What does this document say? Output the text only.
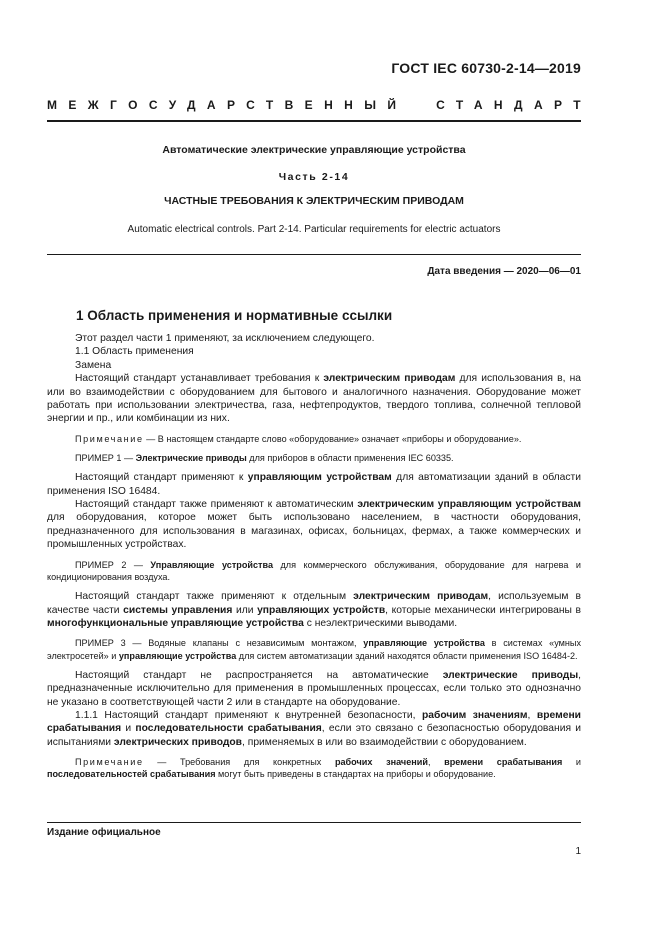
ГОСТ IEC 60730-2-14—2019
МЕЖГОСУДАРСТВЕННЫЙ СТАНДАРТ
Автоматические электрические управляющие устройства
Часть 2-14
ЧАСТНЫЕ ТРЕБОВАНИЯ К ЭЛЕКТРИЧЕСКИМ ПРИВОДАМ
Automatic electrical controls. Part 2-14. Particular requirements for electric actuators
Дата введения — 2020—06—01
1 Область применения и нормативные ссылки

Этот раздел части 1 применяют, за исключением следующего.

1.1 Область применения

Замена

Настоящий стандарт устанавливает требования к электрическим приводам для использования в, на или во взаимодействии с оборудованием для бытового и аналогичного назначения. Оборудование может работать при использовании электричества, газа, нефтепродуктов, твердого топлива, солнечной тепловой энергии и пр., или комбинации из них.

Примечание — В настоящем стандарте слово «оборудование» означает «приборы и оборудование».

ПРИМЕР 1 — Электрические приводы для приборов в области применения IEC 60335.

Настоящий стандарт применяют к управляющим устройствам для автоматизации зданий в области применения ISO 16484.

Настоящий стандарт также применяют к автоматическим электрическим управляющим устройствам для оборудования, которое может быть использовано населением, в частности оборудования, предназначенного для использования в магазинах, офисах, больницах, фермах, а также коммерческих и промышленных устройствах.

ПРИМЕР 2 — Управляющие устройства для коммерческого обслуживания, оборудование для нагрева и кондиционирования воздуха.

Настоящий стандарт также применяют к отдельным электрическим приводам, используемым в качестве части системы управления или управляющих устройств, которые механически интегрированы в многофункциональные управляющие устройства с неэлектрическими выводами.

ПРИМЕР 3 — Водяные клапаны с независимым монтажом, управляющие устройства в системах «умных электросетей» и управляющие устройства для систем автоматизации зданий находятся области применения ISO 16484-2.

Настоящий стандарт не распространяется на автоматические электрические приводы, предназначенные исключительно для применения в промышленных процессах, если только это однозначно не указано в соответствующей части 2 или в стандарте на оборудование.

1.1.1 Настоящий стандарт применяют к внутренней безопасности, рабочим значениям, времени срабатывания и последовательности срабатывания, если это связано с безопасностью оборудования и испытаниями электрических приводов, применяемых в или во взаимодействии с оборудованием.

Примечание — Требования для конкретных рабочих значений, времени срабатывания и последовательностей срабатывания могут быть приведены в стандартах на приборы и оборудование.

Издание официальное
1
